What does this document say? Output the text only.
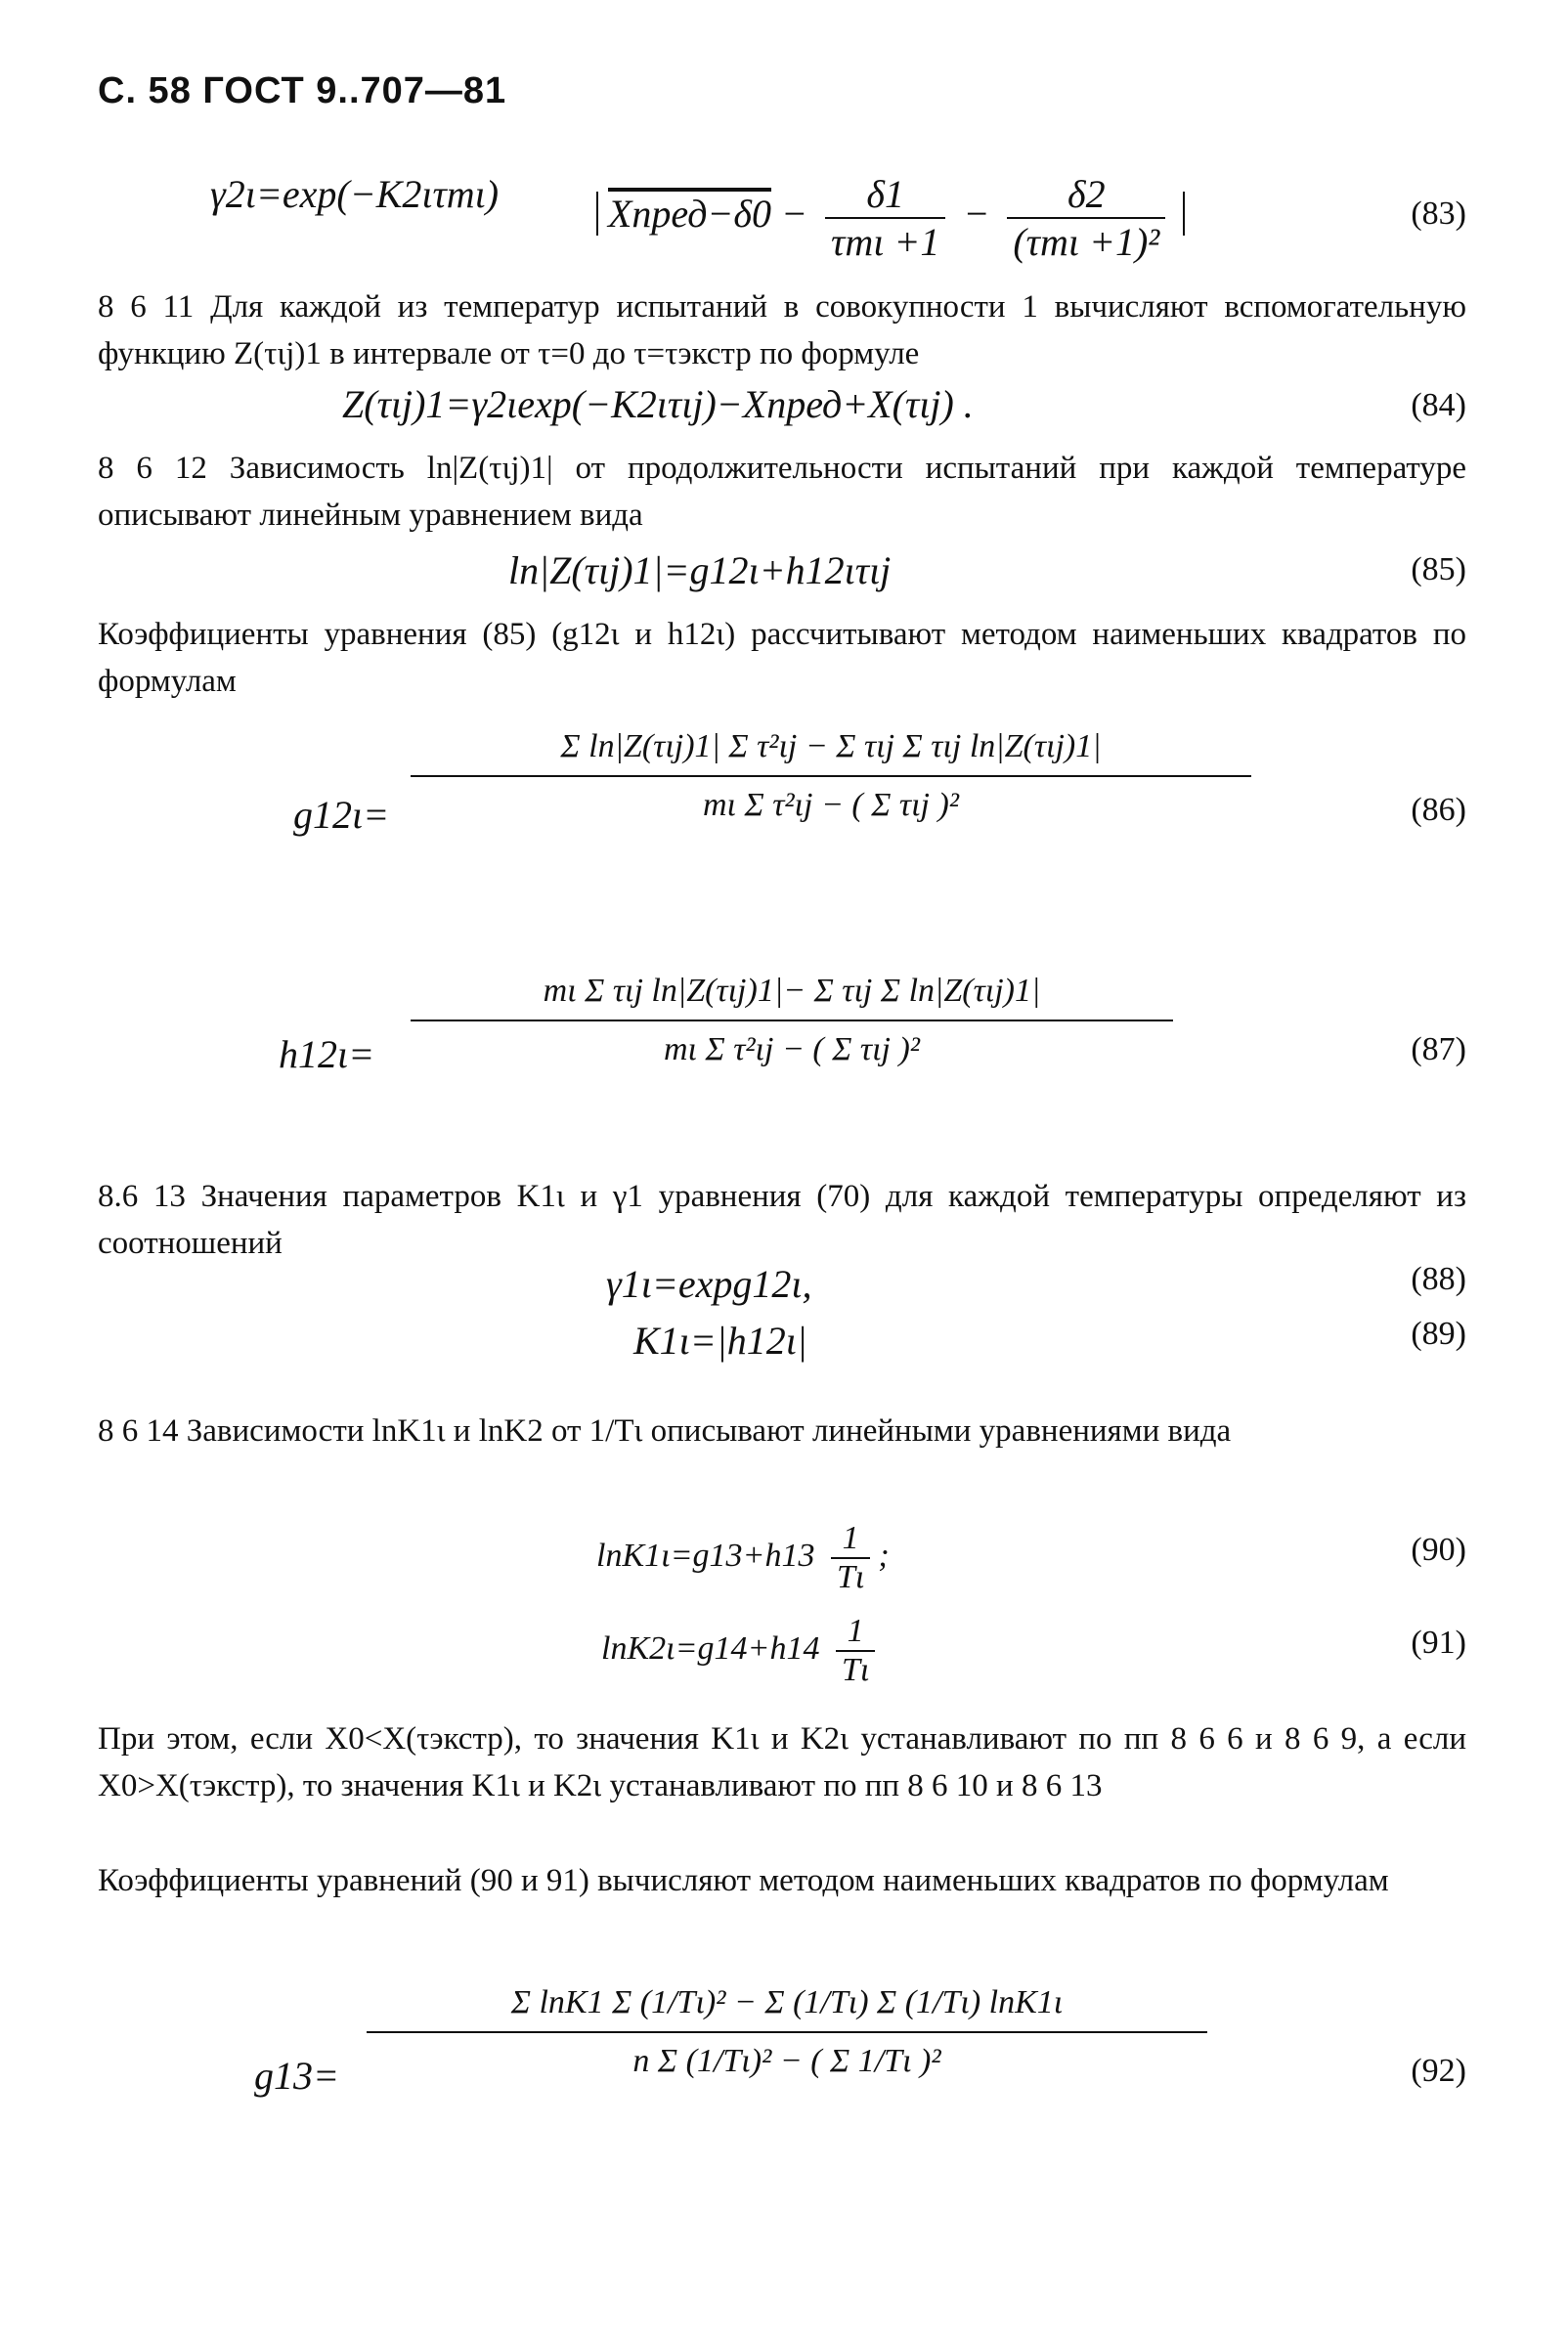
С. 58 ГОСТ 9..707—81
γ2ι=exp(−K2ιτmι)	Xпред−δ0 − $\frac{\delta 1}{\text{τmι +1}} - \frac{\delta 2}{\text{(τmι +1)²}}$	(83)
8 6 11 Для каждой из температур испытаний в совокупности 1 вычисляют вспомогательную функцию Z(τιj)1 в интервале от τ=0 до τ=τэкстр по формуле
Z(τιj)1=γ2ιexp(−K2ιτιj)−Xпред+X(τιj) .	(84)
8 6 12 Зависимость ln|Z(τιj)1| от продолжительности испытаний при каждой температуре описывают линейным уравнением вида
ln|Z(τιj)1|=g12ι+h12ιτιj	(85)
Коэффициенты уравнения (85) (g12ι и h12ι) рассчитывают методом наименьших квадратов по формулам
g12ι=
Σ ln|Z(τιj)1| Σ τ²ιj − Σ τιj Σ τιj ln|Z(τιj)1|
mι Σ τ²ιj − ( Σ τιj )²	(86)
h12ι=
mι Σ τιj ln|Z(τιj)1|− Σ τιj Σ ln|Z(τιj)1|
mι Σ τ²ιj − ( Σ τιj )²	(87)
8.6 13 Значения параметров K1ι и γ1 уравнения (70) для каждой температуры определяют из соотношений
γ1ι=expg12ι,	(88)
K1ι=|h12ι|	(89)
8 6 14 Зависимости lnK1ι и lnK2 от 1/Tι описывают линейными уравнениями вида
$\ln K1\iota=g13+h13 \frac{1}{T\iota}$ ;	(90)
$\ln K2\iota=g14+h14 \frac{1}{T\iota}$	(91)
При этом, если X0<X(τэкстр), то значения K1ι и K2ι устанавливают по пп 8 6 6 и 8 6 9, а если X0>X(τэкстр), то значения K1ι и K2ι устанавливают по пп 8 6 10 и 8 6 13
Коэффициенты уравнений (90 и 91) вычисляют методом наименьших квадратов по формулам
$g13= \frac{\text{Σ lnK1 Σ (1/Tι)² − Σ (1/Tι) Σ (1/Tι) lnK1ι}}{\text{n Σ (1/Tι)² − ( Σ 1/Tι )²}}$	(92)
